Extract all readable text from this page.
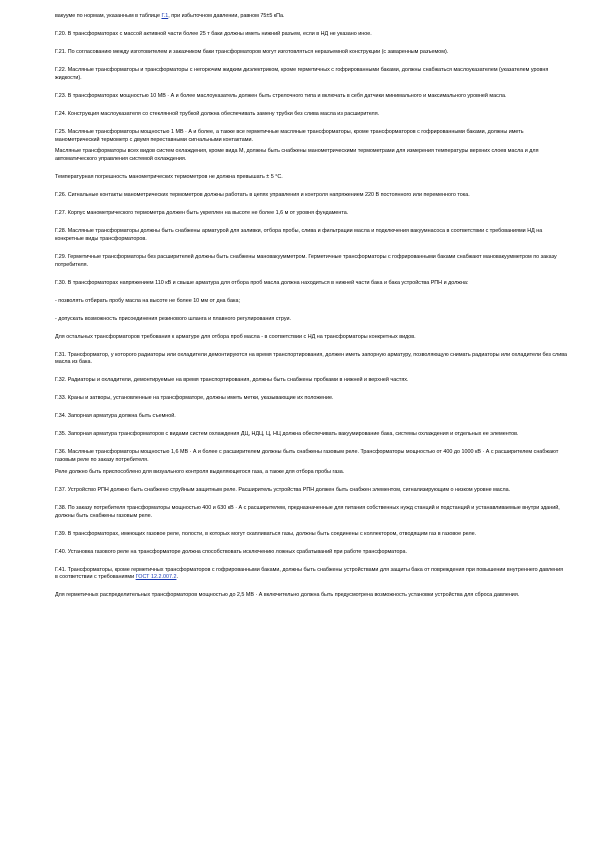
вакууме по нормам, указанным в таблице Г.1, при избыточном давлении, равном 75±5 кПа.

Г.20. В трансформаторах с массой активной части более 25 т баки должны иметь нижний разъем, если в НД не указано иное.

Г.21. По согласованию между изготовителем и заказчиком баки трансформаторов могут изготовляться неразъемной конструкции (с заваренным разъемом).

Г.22. Масляные трансформаторы и трансформаторы с негорючим жидким диэлектриком, кроме герметичных с гофрированными баками, должны снабжаться маслоуказателем (указателем уровня жидкости).

Г.23. В трансформаторах мощностью 10 МВ · А и более маслоуказатель должен быть стрелочного типа и включать в себя датчики минимального и максимального уровней масла.

Г.24. Конструкция маслоуказателя со стеклянной трубкой должна обеспечивать замену трубки без слива масла из расширителя.

Г.25. Масляные трансформаторы мощностью 1 МВ · А и более, а также все герметичные масляные трансформаторы, кроме трансформаторов с гофрированными баками, должны иметь манометрический термометр с двумя переставными сигнальными контактами.

Масляные трансформаторы всех видов систем охлаждения, кроме вида М, должны быть снабжены манометрическими термометрами для измерения температуры верхних слоев масла и для автоматического управления системой охлаждения.

Температурная погрешность манометрических термометров не должна превышать ± 5 °С.

Г.26. Сигнальные контакты манометрических термометров должны работать в цепях управления и контроля напряжением 220 В постоянного или переменного тока.

Г.27. Корпус манометрического термометра должен быть укреплен на высоте не более 1,6 м от уровня фундамента.

Г.28. Масляные трансформаторы должны быть снабжены арматурой для заливки, отбора пробы, слива и фильтрации масла и подключения вакуумнасоса в соответствии с требованиями НД на конкретные виды трансформаторов.

Г.29. Герметичные трансформаторы без расширителей должны быть снабжены мановакуумметром. Герметичные трансформаторы с гофрированными баками снабжают мановакуумметром по заказу потребителя.

Г.30. В трансформаторах напряжением 110 кВ и свыше арматура для отбора проб масла должна находиться в нижней части бака и бака устройства РПН и должна:

- позволять отбирать пробу масла на высоте не более 10 мм от дна бака;

- допускать возможность присоединения резинового шланга и плавного регулирования струи.

Для остальных трансформаторов требования к арматуре для отбора проб масла - в соответствии с НД на трансформаторы конкретных видов.

Г.31. Трансформатор, у которого радиаторы или охладители демонтируются на время транспортирования, должен иметь запорную арматуру, позволяющую снимать радиаторы или охладители без слива масла из бака.

Г.32. Радиаторы и охладители, демонтируемые на время транспортирования, должны быть снабжены пробками в нижней и верхней частях.

Г.33. Краны и затворы, установленные на трансформаторе, должны иметь метки, указывающие их положение.

Г.34. Запорная арматура должна быть съемной.

Г.35. Запорная арматура трансформаторов с видами систем охлаждения ДЦ, НДЦ, Ц, НЦ должна обеспечивать вакуумирование бака, системы охлаждения и отдельных ее элементов.

Г.36. Масляные трансформаторы мощностью 1,6 МВ · А и более с расширителем должны быть снабжены газовым реле. Трансформаторы мощностью от 400 до 1000 кВ · А с расширителем снабжают газовым реле по заказу потребителя.

Реле должно быть приспособлено для визуального контроля выделяющегося газа, а также для отбора пробы газа.

Г.37. Устройство РПН должно быть снабжено струйным защитным реле. Расширитель устройства РПН должен быть снабжен элементом, сигнализирующим о низком уровне масла.

Г.38. По заказу потребителя трансформаторы мощностью 400 и 630 кВ · А с расширителем, предназначенные для питания собственных нужд станций и подстанций и устанавливаемые внутри зданий, должны быть снабжены газовым реле.

Г.39. В трансформаторах, имеющих газовое реле, полости, в которых могут скапливаться газы, должны быть соединены с коллектором, отводящим газ в газовое реле.

Г.40. Установка газового реле на трансформаторе должна способствовать исключению ложных срабатываний при работе трансформатора.

Г.41. Трансформаторы, кроме герметичных трансформаторов с гофрированными баками, должны быть снабжены устройствами для защиты бака от повреждения при повышении внутреннего давления в соответствии с требованиями ГОСТ 12.2.007.2.

Для герметичных распределительных трансформаторов мощностью до 2,5 МВ · А включительно должна быть предусмотрена возможность установки устройства для сброса давления.
